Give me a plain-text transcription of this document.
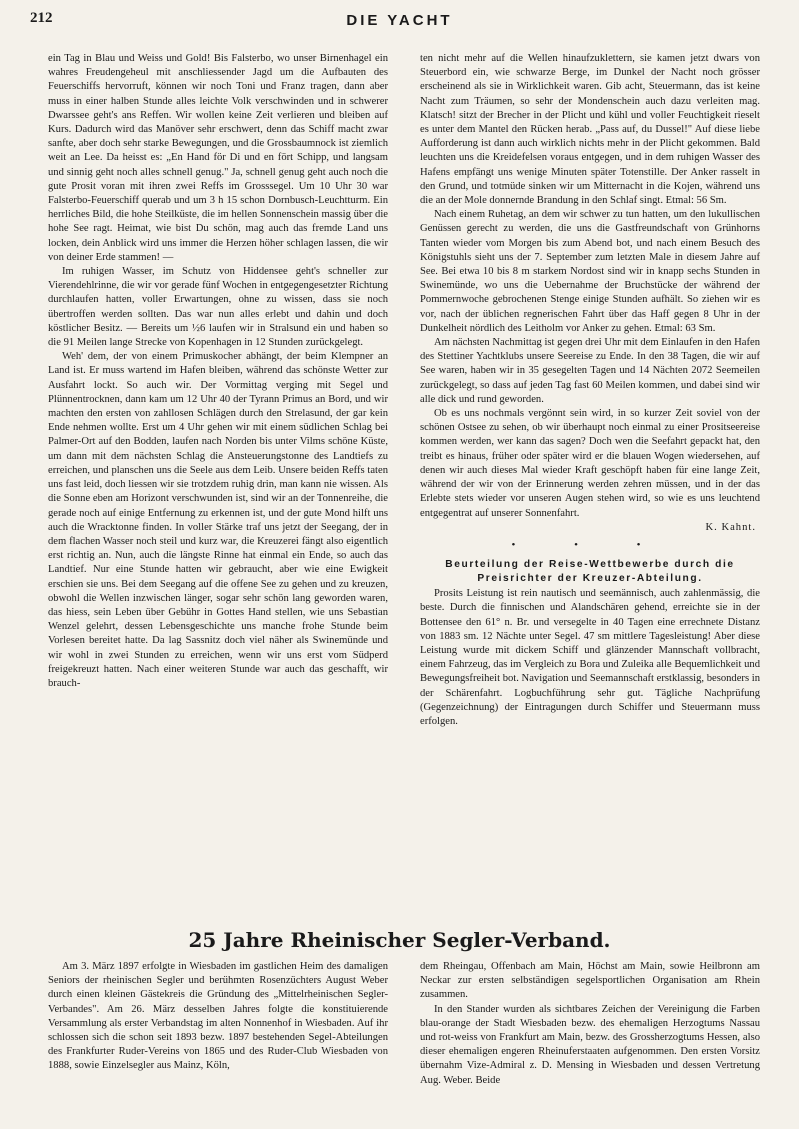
212	DIE YACHT

ein Tag in Blau und Weiss und Gold! Bis Falsterbo, wo unser Birnenhagel ein wahres Freudengeheul mit anschliessender Jagd um die Aufbauten des Feuerschiffs hervorruft, können wir noch Toni und Franz tragen, dann aber muss in einer halben Stunde alles leichte Volk verschwinden und in schwerer Dwarssee geht's ans Reffen. Wir wollen keine Zeit verlieren und bleiben auf Kurs. Dadurch wird das Manöver sehr erschwert, denn das Schiff macht zwar sanfte, aber doch sehr starke Bewegungen, und die Grossbaumnock ist ziemlich weit an Lee. Da heisst es: „En Hand för Di und en fört Schipp, und langsam und sinnig geht noch alles schnell genug." Ja, schnell genug geht auch noch die gute Prosit voran mit ihren zwei Reffs im Grosssegel. Um 10 Uhr 30 war Falsterbo-Feuerschiff querab und um 3 h 15 schon Dornbusch-Leuchtturm. Ein herrliches Bild, die hohe Steilküste, die im hellen Sonnenschein massig über die hohe See ragt. Heimat, wie bist Du schön, mag auch das fremde Land uns locken, dein Anblick wird uns immer die Herzen höher schlagen lassen, die wir von deiner Erde stammen! —

Im ruhigen Wasser, im Schutz von Hiddensee geht's schneller zur Vierendehlrinne, die wir vor gerade fünf Wochen in entgegengesetzter Richtung durchlaufen hatten, voller Erwartungen, ohne zu wissen, dass sie noch übertroffen werden sollten. Das war nun alles erlebt und dahin und doch köstlicher Besitz. — Bereits um ½6 laufen wir in Stralsund ein und haben so die 91 Meilen lange Strecke von Kopenhagen in 12 Stunden zurückgelegt.

Weh' dem, der von einem Primuskocher abhängt, der beim Klempner an Land ist. Er muss wartend im Hafen bleiben, während das schönste Wetter zur Ausfahrt lockt. So auch wir. Der Vormittag verging mit Segel und Plünnentrocknen, dann kam um 12 Uhr 40 der Tyrann Primus an Bord, und wir machten den ersten von zahllosen Schlägen durch den Strelasund, der gar kein Ende nehmen wollte. Erst um 4 Uhr gehen wir mit einem südlichen Schlag bei Palmer-Ort auf den Bodden, laufen nach Norden bis unter Vilms schöne Küste, um dann mit dem nächsten Schlag die Ansteuerungstonne des Landtiefs zu erreichen, und planschen uns die Seele aus dem Leib. Unsere beiden Reffs taten uns fast leid, doch liessen wir sie trotzdem ruhig drin, man kann nie wissen. Als die Sonne eben am Horizont verschwunden ist, sind wir an der Tonnenreihe, die gerade noch auf einige Entfernung zu erkennen ist, und der gute Mond hilft uns auch die Wracktonne finden. In voller Stärke traf uns jetzt der Seegang, der in dem flachen Wasser noch steil und kurz war, die Kreuzerei fängt also eigentlich erst richtig an. Nun, auch die längste Rinne hat einmal ein Ende, so auch das Landtief. Nur eine Stunde hatten wir gebraucht, aber wie eine Ewigkeit erschien sie uns. Bei dem Seegang auf die offene See zu gehen und zu kreuzen, obwohl die Wellen inzwischen länger, sogar sehr schön lang geworden waren, das hiess, sein Leben über Gebühr in Gottes Hand stellen, wie uns Sebastian Wenzel gelehrt, dessen Lebensgeschichte uns manche frohe Stunde beim Vorlesen bereitet hatte. Da lag Sassnitz doch viel näher als Swinemünde und wir wohl in zwei Stunden zu erreichen, wenn wir uns erst vom Südperd freigekreuzt hatten. Nach einer weiteren Stunde war auch das geschafft, wir brauch-

ten nicht mehr auf die Wellen hinaufzuklettern, sie kamen jetzt dwars von Steuerbord ein, wie schwarze Berge, im Dunkel der Nacht noch grösser erscheinend als sie in Wirklichkeit waren. Gib acht, Steuermann, das ist keine Nacht zum Träumen, so sehr der Mondenschein auch dazu verleiten mag. Klatsch! sitzt der Brecher in der Plicht und kühl und voller Feuchtigkeit rieselt es unter dem Mantel den Rücken herab. „Pass auf, du Dussel!" Auf diese liebe Aufforderung ist dann auch wirklich nichts mehr in der Plicht gekommen. Bald leuchten uns die Kreidefelsen voraus entgegen, und in dem ruhigen Wasser des Hafens empfängt uns wenige Minuten später Totenstille. Der Anker rasselt in den Grund, und totmüde sinken wir um Mitternacht in die Kojen, während uns die an der Mole donnernde Brandung in den Schlaf singt. Etmal: 56 Sm.

Nach einem Ruhetag, an dem wir schwer zu tun hatten, um den lukullischen Genüssen gerecht zu werden, die uns die Gastfreundschaft von Grünhorns Tanten wieder vom Morgen bis zum Abend bot, und nach einem Besuch des Königstuhls sieht uns der 7. September zum letzten Male in diesem Jahre auf See. Bei etwa 10 bis 8 m starkem Nordost sind wir in knapp sechs Stunden in Swinemünde, wo uns die Uebernahme der Bruchstücke der während der Pommernwoche gebrochenen Stenge einige Stunden aufhält. So ziehen wir es vor, nach der üblichen regnerischen Fahrt über das Haff gegen 8 Uhr in der Dunkelheit nördlich des Leitholm vor Anker zu gehen. Etmal: 63 Sm.

Am nächsten Nachmittag ist gegen drei Uhr mit dem Einlaufen in den Hafen des Stettiner Yachtklubs unsere Seereise zu Ende. In den 38 Tagen, die wir auf See waren, haben wir in 35 gesegelten Tagen und 14 Nächten 2072 Seemeilen zurückgelegt, so dass auf jeden Tag fast 60 Meilen kommen, und dabei sind wir alle dick und rund geworden.

Ob es uns nochmals vergönnt sein wird, in so kurzer Zeit soviel von der schönen Ostsee zu sehen, ob wir überhaupt noch einmal zu einer Prositseereise kommen werden, wer kann das sagen? Doch wen die Seefahrt gepackt hat, den treibt es hinaus, früher oder später wird er die blauen Wogen wiedersehen, auf denen wir auch dieses Mal wieder Kraft geschöpft haben für eine lange Zeit, während der wir von der Erinnerung werden zehren müssen, und in der das Erlebte stets wieder vor unseren Augen stehen wird, so wie es uns leuchtend entgegentrat auf unserer Sonnenfahrt.

K. Kahnt.

• • •
Beurteilung der Reise-Wettbewerbe durch die Preisrichter der Kreuzer-Abteilung.

Prosits Leistung ist rein nautisch und seemännisch, auch zahlenmässig, die beste. Durch die finnischen und Alandschären gehend, erreichte sie in der Bottensee den 61° n. Br. und versegelte in 40 Tagen eine errechnete Distanz von 1883 sm. 12 Nächte unter Segel. 47 sm mittlere Tagesleistung! Aber diese Leistung wurde mit dickem Schiff und glänzender Mannschaft vollbracht, einem Fahrzeug, das im Vergleich zu Bora und Zuleika alle Bequemlichkeit und Bewegungsfreiheit bot. Navigation und Seemannschaft erstklassig, besonders in der Schärenfahrt. Logbuchführung sehr gut. Tägliche Nachprüfung (Gegenzeichnung) der Eintragungen durch Schiffer und Steuermann muss erfolgen.

25 Jahre Rheinischer Segler-Verband.

Am 3. März 1897 erfolgte in Wiesbaden im gastlichen Heim des damaligen Seniors der rheinischen Segler und berühmten Rosenzüchters August Weber durch einen kleinen Gästekreis die Gründung des „Mittelrheinischen Segler-Verbandes". Am 26. März desselben Jahres folgte die konstituierende Versammlung als erster Verbandstag im alten Nonnenhof in Wiesbaden. Auf ihr schlossen sich die schon seit 1893 bezw. 1897 bestehenden Segel-Abteilungen des Frankfurter Ruder-Vereins von 1865 und des Ruder-Club Wiesbaden von 1888, sowie Einzelsegler aus Mainz, Köln,

dem Rheingau, Offenbach am Main, Höchst am Main, sowie Heilbronn am Neckar zur ersten selbständigen segelsportlichen Organisation am Rhein zusammen.

In den Stander wurden als sichtbares Zeichen der Vereinigung die Farben blau-orange der Stadt Wiesbaden bezw. des ehemaligen Herzogtums Nassau und rot-weiss von Frankfurt am Main, bezw. des Grossherzogtums Hessen, also dieser ehemaligen engeren Rheinuferstaaten aufgenommen. Den ersten Vorsitz übernahm Vize-Admiral z. D. Mensing in Wiesbaden und dessen Vertretung Aug. Weber. Beide
